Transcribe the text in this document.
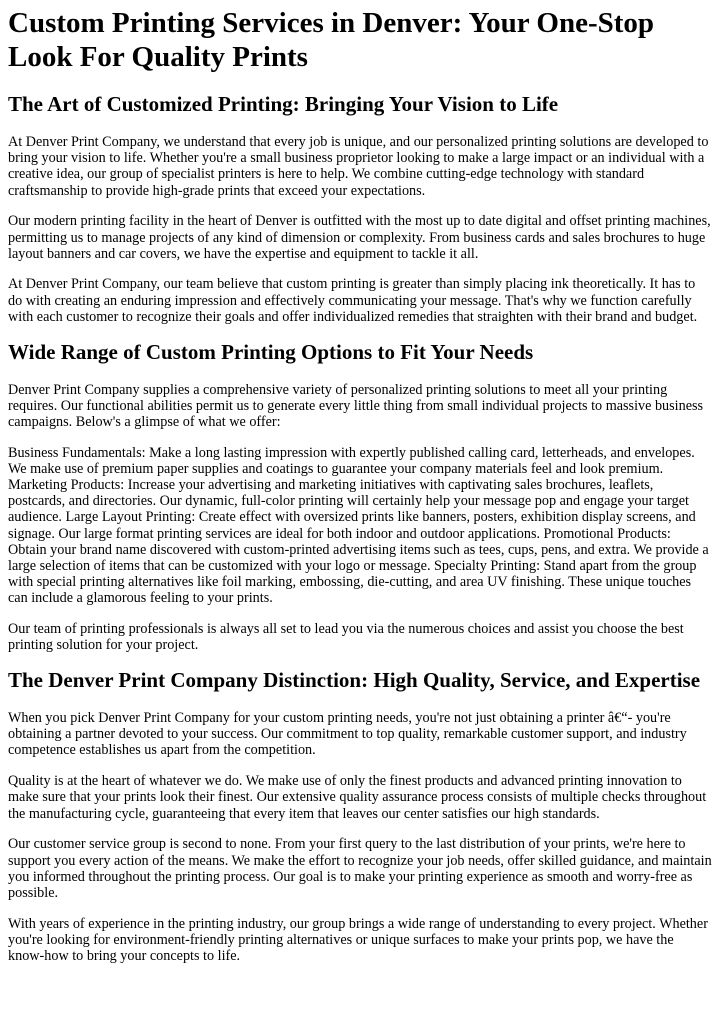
Custom Printing Services in Denver: Your One-Stop Look For Quality Prints
The Art of Customized Printing: Bringing Your Vision to Life

At Denver Print Company, we understand that every job is unique, and our personalized printing solutions are developed to bring your vision to life. Whether you're a small business proprietor looking to make a large impact or an individual with a creative idea, our group of specialist printers is here to help. We combine cutting-edge technology with standard craftsmanship to provide high-grade prints that exceed your expectations.

Our modern printing facility in the heart of Denver is outfitted with the most up to date digital and offset printing machines, permitting us to manage projects of any kind of dimension or complexity. From business cards and sales brochures to huge layout banners and car covers, we have the expertise and equipment to tackle it all.

At Denver Print Company, our team believe that custom printing is greater than simply placing ink theoretically. It has to do with creating an enduring impression and effectively communicating your message. That's why we function carefully with each customer to recognize their goals and offer individualized remedies that straighten with their brand and budget.

Wide Range of Custom Printing Options to Fit Your Needs

Denver Print Company supplies a comprehensive variety of personalized printing solutions to meet all your printing requires. Our functional abilities permit us to generate every little thing from small individual projects to massive business campaigns. Below's a glimpse of what we offer:

Business Fundamentals: Make a long lasting impression with expertly published calling card, letterheads, and envelopes. We make use of premium paper supplies and coatings to guarantee your company materials feel and look premium. Marketing Products: Increase your advertising and marketing initiatives with captivating sales brochures, leaflets, postcards, and directories. Our dynamic, full-color printing will certainly help your message pop and engage your target audience. Large Layout Printing: Create effect with oversized prints like banners, posters, exhibition display screens, and signage. Our large format printing services are ideal for both indoor and outdoor applications. Promotional Products: Obtain your brand name discovered with custom-printed advertising items such as tees, cups, pens, and extra. We provide a large selection of items that can be customized with your logo or message. Specialty Printing: Stand apart from the group with special printing alternatives like foil marking, embossing, die-cutting, and area UV finishing. These unique touches can include a glamorous feeling to your prints.

Our team of printing professionals is always all set to lead you via the numerous choices and assist you choose the best printing solution for your project.

The Denver Print Company Distinction: High Quality, Service, and Expertise

When you pick Denver Print Company for your custom printing needs, you're not just obtaining a printer â€“- you're obtaining a partner devoted to your success. Our commitment to top quality, remarkable customer support, and industry competence establishes us apart from the competition.

Quality is at the heart of whatever we do. We make use of only the finest products and advanced printing innovation to make sure that your prints look their finest. Our extensive quality assurance process consists of multiple checks throughout the manufacturing cycle, guaranteeing that every item that leaves our center satisfies our high standards.

Our customer service group is second to none. From your first query to the last distribution of your prints, we're here to support you every action of the means. We make the effort to recognize your job needs, offer skilled guidance, and maintain you informed throughout the printing process. Our goal is to make your printing experience as smooth and worry-free as possible.

With years of experience in the printing industry, our group brings a wide range of understanding to every project. Whether you're looking for environment-friendly printing alternatives or unique surfaces to make your prints pop, we have the know-how to bring your concepts to life.
